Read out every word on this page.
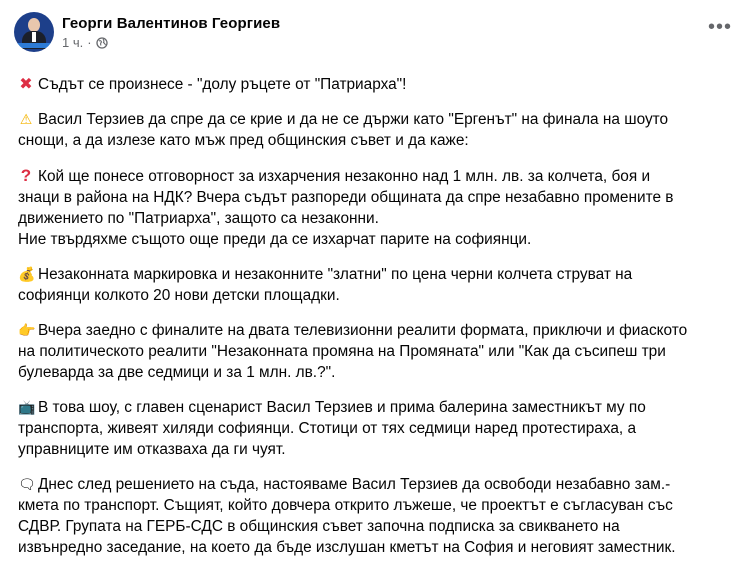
Георги Валентинов Георгиев
1 ч. ·
•••
✖ Съдът се произнесе - "долу ръцете от "Патриарха"!
⚠ Васил Терзиев да спре да се крие и да не се държи като "Ергенът" на финала на шоуто
снощи, а да излезе като мъж пред общинския съвет и да каже:
? Кой ще понесе отговорност за изхарчения незаконно над 1 млн. лв. за колчета, боя и
знаци в района на НДК? Вчера съдът разпореди общината да спре незабавно промените в
движението по "Патриарха", защото са незаконни.
Ние твърдяхме същото още преди да се изхарчат парите на софиянци.
💰 Незаконната маркировка и незаконните "златни" по цена черни колчета струват на
софиянци колкото 20 нови детски площадки.
👉 Вчера заедно с финалите на двата телевизионни реалити формата, приключи и фиаското
на политическото реалити "Незаконната промяна на Промяната" или "Как да съсипеш три
булеварда за две седмици и за 1 млн. лв.?".
📺 В това шоу, с главен сценарист Васил Терзиев и прима балерина заместникът му по
транспорта, живеят хиляди софиянци. Стотици от тях седмици наред протестираха, а
управниците им отказваха да ги чуят.
🗨 Днес след решението на съда, настояваме Васил Терзиев да освободи незабавно зам.-
кмета по транспорт. Същият, който довчера открито лъжеше, че проектът е съгласуван със
СДВР. Групата на ГЕРБ-СДС в общинския съвет започна подписка за свикването на
извънредно заседание, на което да бъде изслушан кметът на София и неговият заместник.
